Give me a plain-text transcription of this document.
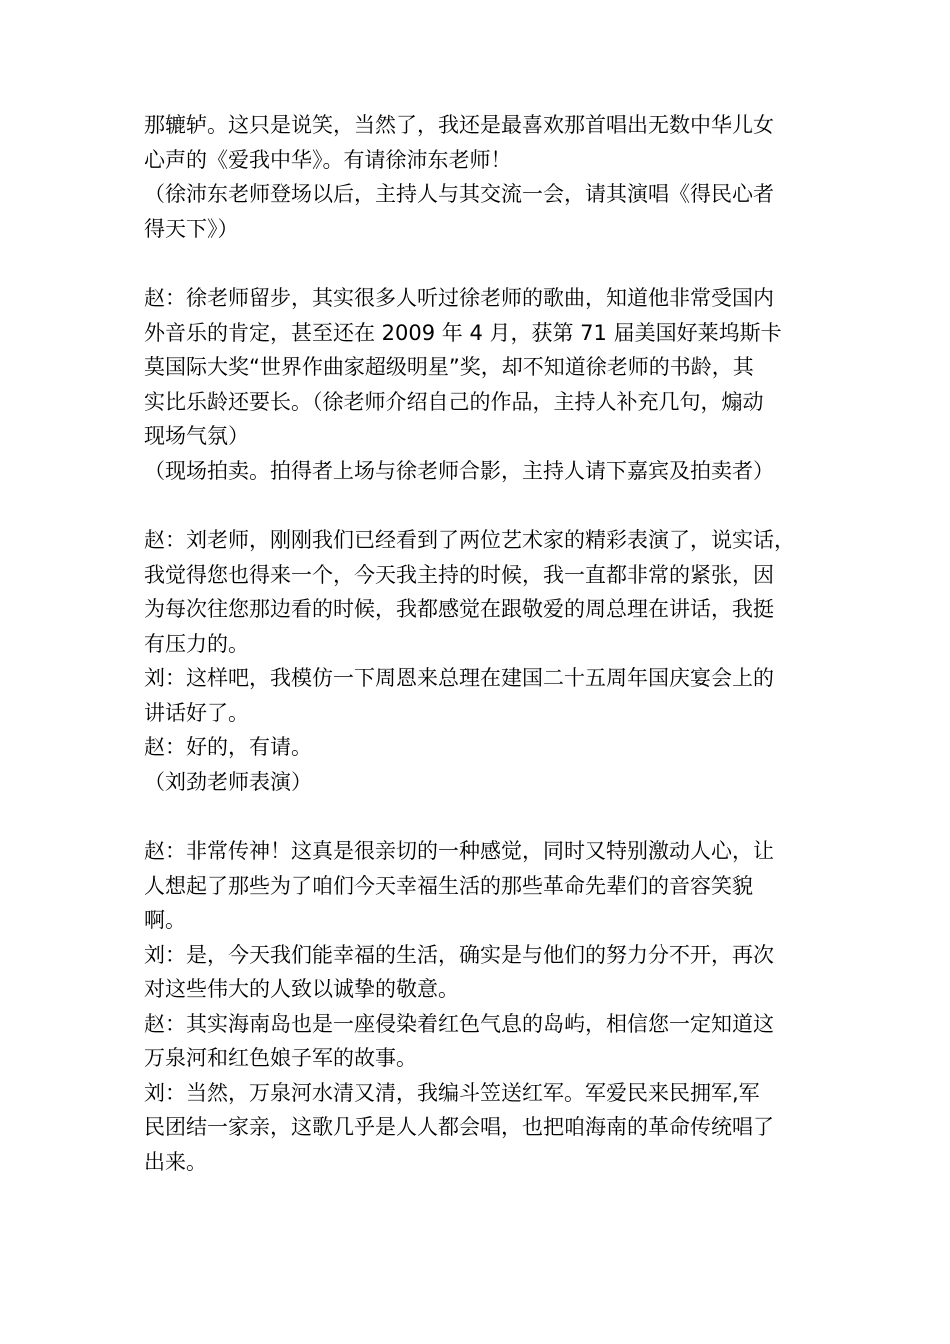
那辘轳。这只是说笑，当然了，我还是最喜欢那首唱出无数中华儿女
心声的《爱我中华》。有请徐沛东老师！
（徐沛东老师登场以后，主持人与其交流一会，请其演唱《得民心者
得天下》）
赵：徐老师留步，其实很多人听过徐老师的歌曲，知道他非常受国内
外音乐的肯定，甚至还在 2009 年 4 月，获第 71 届美国好莱坞斯卡
莫国际大奖“世界作曲家超级明星”奖，却不知道徐老师的书龄，其
实比乐龄还要长。（徐老师介绍自己的作品，主持人补充几句，煽动
现场气氛）
（现场拍卖。拍得者上场与徐老师合影，主持人请下嘉宾及拍卖者）
赵：刘老师，刚刚我们已经看到了两位艺术家的精彩表演了，说实话，
我觉得您也得来一个，今天我主持的时候，我一直都非常的紧张，因
为每次往您那边看的时候，我都感觉在跟敬爱的周总理在讲话，我挺
有压力的。
刘：这样吧，我模仿一下周恩来总理在建国二十五周年国庆宴会上的
讲话好了。
赵：好的，有请。
（刘劲老师表演）
赵：非常传神！这真是很亲切的一种感觉，同时又特别激动人心，让
人想起了那些为了咱们今天幸福生活的那些革命先辈们的音容笑貌
啊。
刘：是，今天我们能幸福的生活，确实是与他们的努力分不开，再次
对这些伟大的人致以诚挚的敬意。
赵：其实海南岛也是一座侵染着红色气息的岛屿，相信您一定知道这
万泉河和红色娘子军的故事。
刘：当然，万泉河水清又清，我编斗笠送红军。军爱民来民拥军,军
民团结一家亲，这歌几乎是人人都会唱，也把咱海南的革命传统唱了
出来。
